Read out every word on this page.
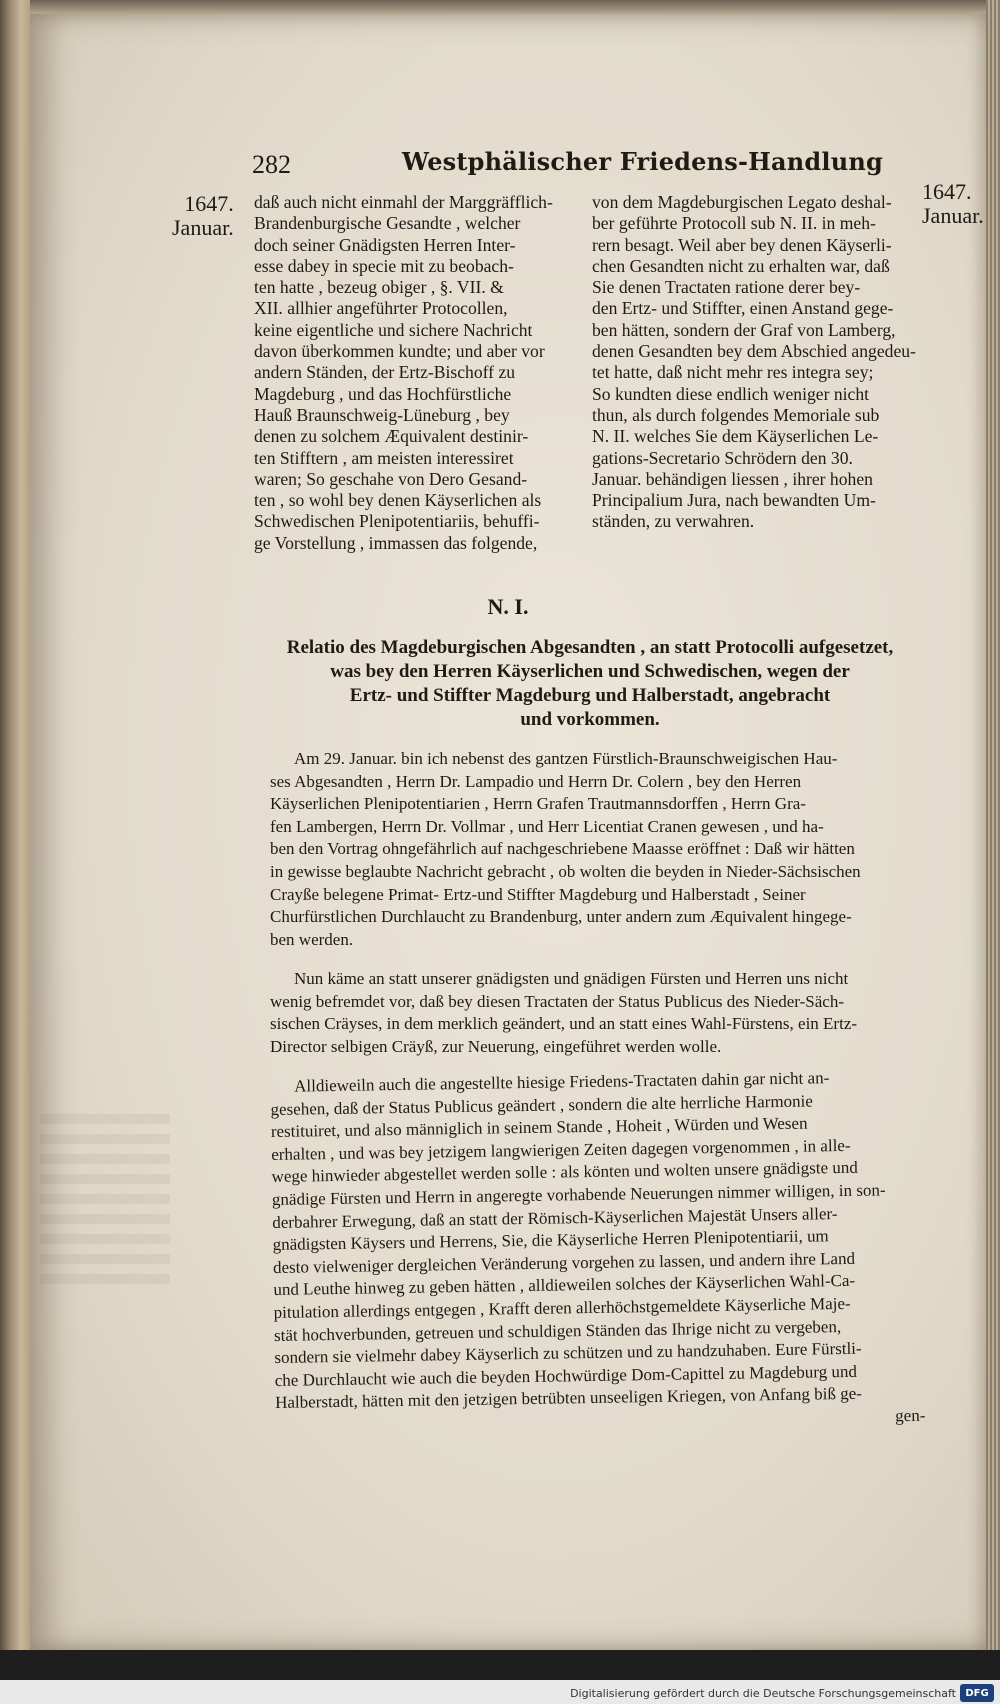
282	Westphälischer Friedens-Handlung
1647.
Januar.
1647.
Januar.
daß auch nicht einmahl der Marggräfflich-
Brandenburgische Gesandte , welcher
doch seiner Gnädigsten Herren Inter-
esse dabey in specie mit zu beobach-
ten hatte , bezeug obiger , §. VII. &
XII. allhier angeführter Protocollen,
keine eigentliche und sichere Nachricht
davon überkommen kundte; und aber vor
andern Ständen, der Ertz-Bischoff zu
Magdeburg , und das Hochfürstliche
Hauß Braunschweig-Lüneburg , bey
denen zu solchem Æquivalent destinir-
ten Stifftern , am meisten interessiret
waren; So geschahe von Dero Gesand-
ten , so wohl bey denen Käyserlichen als
Schwedischen Plenipotentiariis, behuffi-
ge Vorstellung , immassen das folgende,
von dem Magdeburgischen Legato deshal-
ber geführte Protocoll sub N. II. in meh-
rern besagt. Weil aber bey denen Käyserli-
chen Gesandten nicht zu erhalten war, daß
Sie denen Tractaten ratione derer bey-
den Ertz- und Stiffter, einen Anstand gege-
ben hätten, sondern der Graf von Lamberg,
denen Gesandten bey dem Abschied angedeu-
tet hatte, daß nicht mehr res integra sey;
So kundten diese endlich weniger nicht
thun, als durch folgendes Memoriale sub
N. II. welches Sie dem Käyserlichen Le-
gations-Secretario Schrödern den 30.
Januar. behändigen liessen , ihrer hohen
Principalium Jura, nach bewandten Um-
ständen, zu verwahren.
N. I.
Relatio des Magdeburgischen Abgesandten , an statt Protocolli aufgesetzet,
was bey den Herren Käyserlichen und Schwedischen, wegen der
Ertz- und Stiffter Magdeburg und Halberstadt, angebracht
und vorkommen.
Am 29. Januar. bin ich nebenst des gantzen Fürstlich-Braunschweigischen Hau-
ses Abgesandten , Herrn Dr. Lampadio und Herrn Dr. Colern , bey den Herren
Käyserlichen Plenipotentiarien , Herrn Grafen Trautmannsdorffen , Herrn Gra-
fen Lambergen, Herrn Dr. Vollmar , und Herr Licentiat Cranen gewesen , und ha-
ben den Vortrag ohngefährlich auf nachgeschriebene Maasse eröffnet : Daß wir hätten
in gewisse beglaubte Nachricht gebracht , ob wolten die beyden in Nieder-Sächsischen
Crayße belegene Primat- Ertz-und Stiffter Magdeburg und Halberstadt , Seiner
Churfürstlichen Durchlaucht zu Brandenburg, unter andern zum Æquivalent hingege-
ben werden.
Nun käme an statt unserer gnädigsten und gnädigen Fürsten und Herren uns nicht
wenig befremdet vor, daß bey diesen Tractaten der Status Publicus des Nieder-Säch-
sischen Cräyses, in dem merklich geändert, und an statt eines Wahl-Fürstens, ein Ertz-
Director selbigen Cräyß, zur Neuerung, eingeführet werden wolle.
Alldieweiln auch die angestellte hiesige Friedens-Tractaten dahin gar nicht an-
gesehen, daß der Status Publicus geändert , sondern die alte herrliche Harmonie
restituiret, und also männiglich in seinem Stande , Hoheit , Würden und Wesen
erhalten , und was bey jetzigem langwierigen Zeiten dagegen vorgenommen , in alle-
wege hinwieder abgestellet werden solle : als könten und wolten unsere gnädigste und
gnädige Fürsten und Herrn in angeregte vorhabende Neuerungen nimmer willigen, in son-
derbahrer Erwegung, daß an statt der Römisch-Käyserlichen Majestät Unsers aller-
gnädigsten Käysers und Herrens, Sie, die Käyserliche Herren Plenipotentiarii, um
desto vielweniger dergleichen Veränderung vorgehen zu lassen, und andern ihre Land
und Leuthe hinweg zu geben hätten , alldieweilen solches der Käyserlichen Wahl-Ca-
pitulation allerdings entgegen , Krafft deren allerhöchstgemeldete Käyserliche Maje-
stät hochverbunden, getreuen und schuldigen Ständen das Ihrige nicht zu vergeben,
sondern sie vielmehr dabey Käyserlich zu schützen und zu handzuhaben. Eure Fürstli-
che Durchlaucht wie auch die beyden Hochwürdige Dom-Capittel zu Magdeburg und
Halberstadt, hätten mit den jetzigen betrübten unseeligen Kriegen, von Anfang biß ge-
gen-
Digitalisierung gefördert durch die Deutsche Forschungsgemeinschaft DFG
